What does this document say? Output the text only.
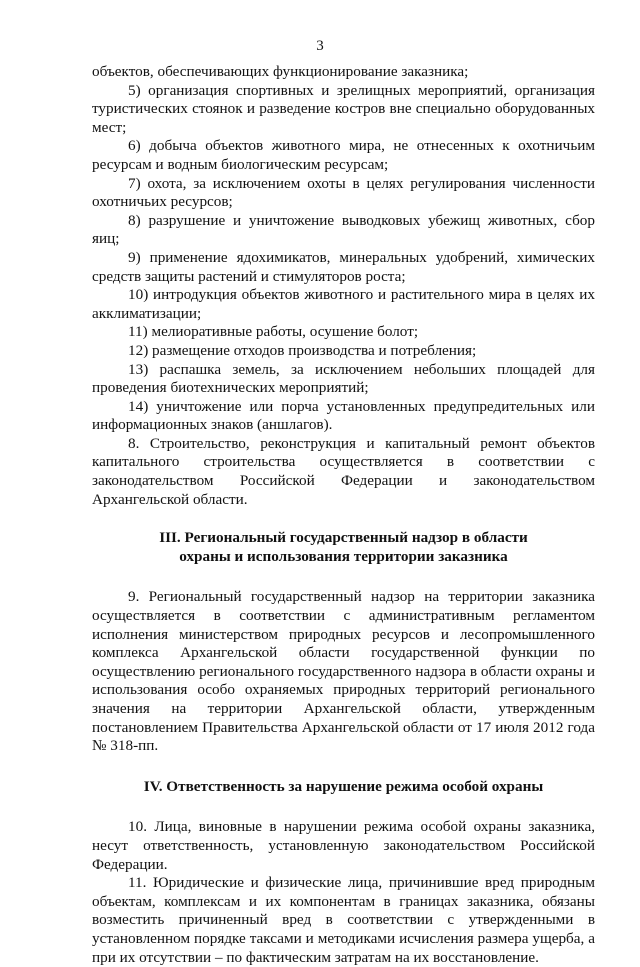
3

объектов, обеспечивающих функционирование заказника;

5) организация спортивных и зрелищных мероприятий, организация туристических стоянок и разведение костров вне специально оборудованных мест;

6) добыча объектов животного мира, не отнесенных к охотничьим ресурсам и водным биологическим ресурсам;

7) охота, за исключением охоты в целях регулирования численности охотничьих ресурсов;

8) разрушение и уничтожение выводковых убежищ животных, сбор яиц;

9) применение ядохимикатов, минеральных удобрений, химических средств защиты растений и стимуляторов роста;

10) интродукция объектов животного и растительного мира в целях их акклиматизации;

11) мелиоративные работы, осушение болот;

12) размещение отходов производства и потребления;

13) распашка земель, за исключением небольших площадей для проведения биотехнических мероприятий;

14) уничтожение или порча установленных предупредительных или информационных знаков (аншлагов).

8. Строительство, реконструкция и капитальный ремонт объектов капитального строительства осуществляется в соответствии с законодательством Российской Федерации и законодательством Архангельской области.

III. Региональный государственный надзор в области
охраны и использования территории заказника

9. Региональный государственный надзор на территории заказника осуществляется в соответствии с административным регламентом исполнения министерством природных ресурсов и лесопромышленного комплекса Архангельской области государственной функции по осуществлению регионального государственного надзора в области охраны и использования особо охраняемых природных территорий регионального значения на территории Архангельской области, утвержденным постановлением Правительства Архангельской области от 17 июля 2012 года № 318-пп.

IV. Ответственность за нарушение режима особой охраны

10. Лица, виновные в нарушении режима особой охраны заказника, несут ответственность, установленную законодательством Российской Федерации.

11. Юридические и физические лица, причинившие вред природным объектам, комплексам и их компонентам в границах заказника, обязаны возместить причиненный вред в соответствии с утвержденными в установленном порядке таксами и методиками исчисления размера ущерба, а при их отсутствии – по фактическим затратам на их восстановление.
